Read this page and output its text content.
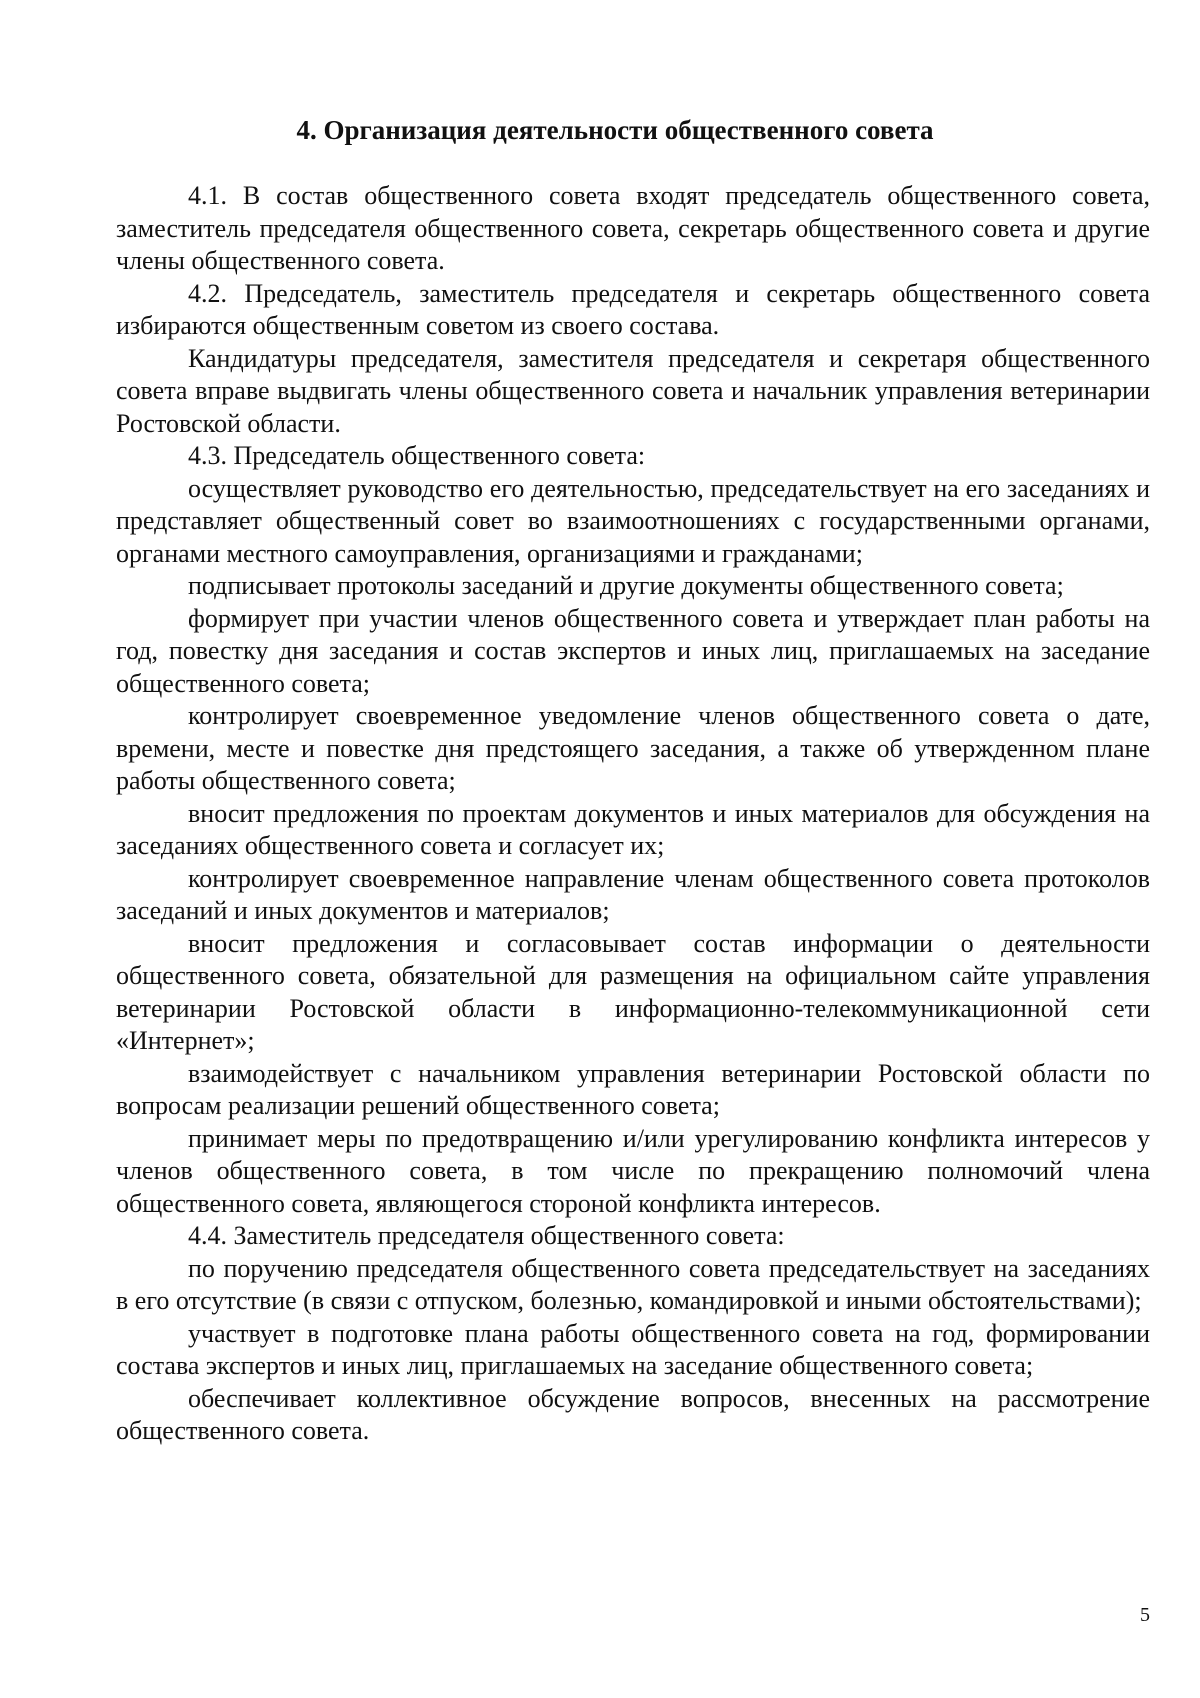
4. Организация деятельности общественного совета

4.1. В состав общественного совета входят председатель общественного совета, заместитель председателя общественного совета, секретарь общественного совета и другие члены общественного совета.

4.2. Председатель, заместитель председателя и секретарь общественного совета избираются общественным советом из своего состава.

Кандидатуры председателя, заместителя председателя и секретаря общественного совета вправе выдвигать члены общественного совета и начальник управления ветеринарии Ростовской области.

4.3. Председатель общественного совета:

осуществляет руководство его деятельностью, председательствует на его заседаниях и представляет общественный совет во взаимоотношениях с государственными органами, органами местного самоуправления, организациями и гражданами;

подписывает протоколы заседаний и другие документы общественного совета;

формирует при участии членов общественного совета и утверждает план работы на год, повестку дня заседания и состав экспертов и иных лиц, приглашаемых на заседание общественного совета;

контролирует своевременное уведомление членов общественного совета о дате, времени, месте и повестке дня предстоящего заседания, а также об утвержденном плане работы общественного совета;

вносит предложения по проектам документов и иных материалов для обсуждения на заседаниях общественного совета и согласует их;

контролирует своевременное направление членам общественного совета протоколов заседаний и иных документов и материалов;

вносит предложения и согласовывает состав информации о деятельности общественного совета, обязательной для размещения на официальном сайте управления ветеринарии Ростовской области в информационно-телекоммуникационной сети «Интернет»;

взаимодействует с начальником управления ветеринарии Ростовской области по вопросам реализации решений общественного совета;

принимает меры по предотвращению и/или урегулированию конфликта интересов у членов общественного совета, в том числе по прекращению полномочий члена общественного совета, являющегося стороной конфликта интересов.

4.4. Заместитель председателя общественного совета:

по поручению председателя общественного совета председательствует на заседаниях в его отсутствие (в связи с отпуском, болезнью, командировкой и иными обстоятельствами);

участвует в подготовке плана работы общественного совета на год, формировании состава экспертов и иных лиц, приглашаемых на заседание общественного совета;

обеспечивает коллективное обсуждение вопросов, внесенных на рассмотрение общественного совета.

5
